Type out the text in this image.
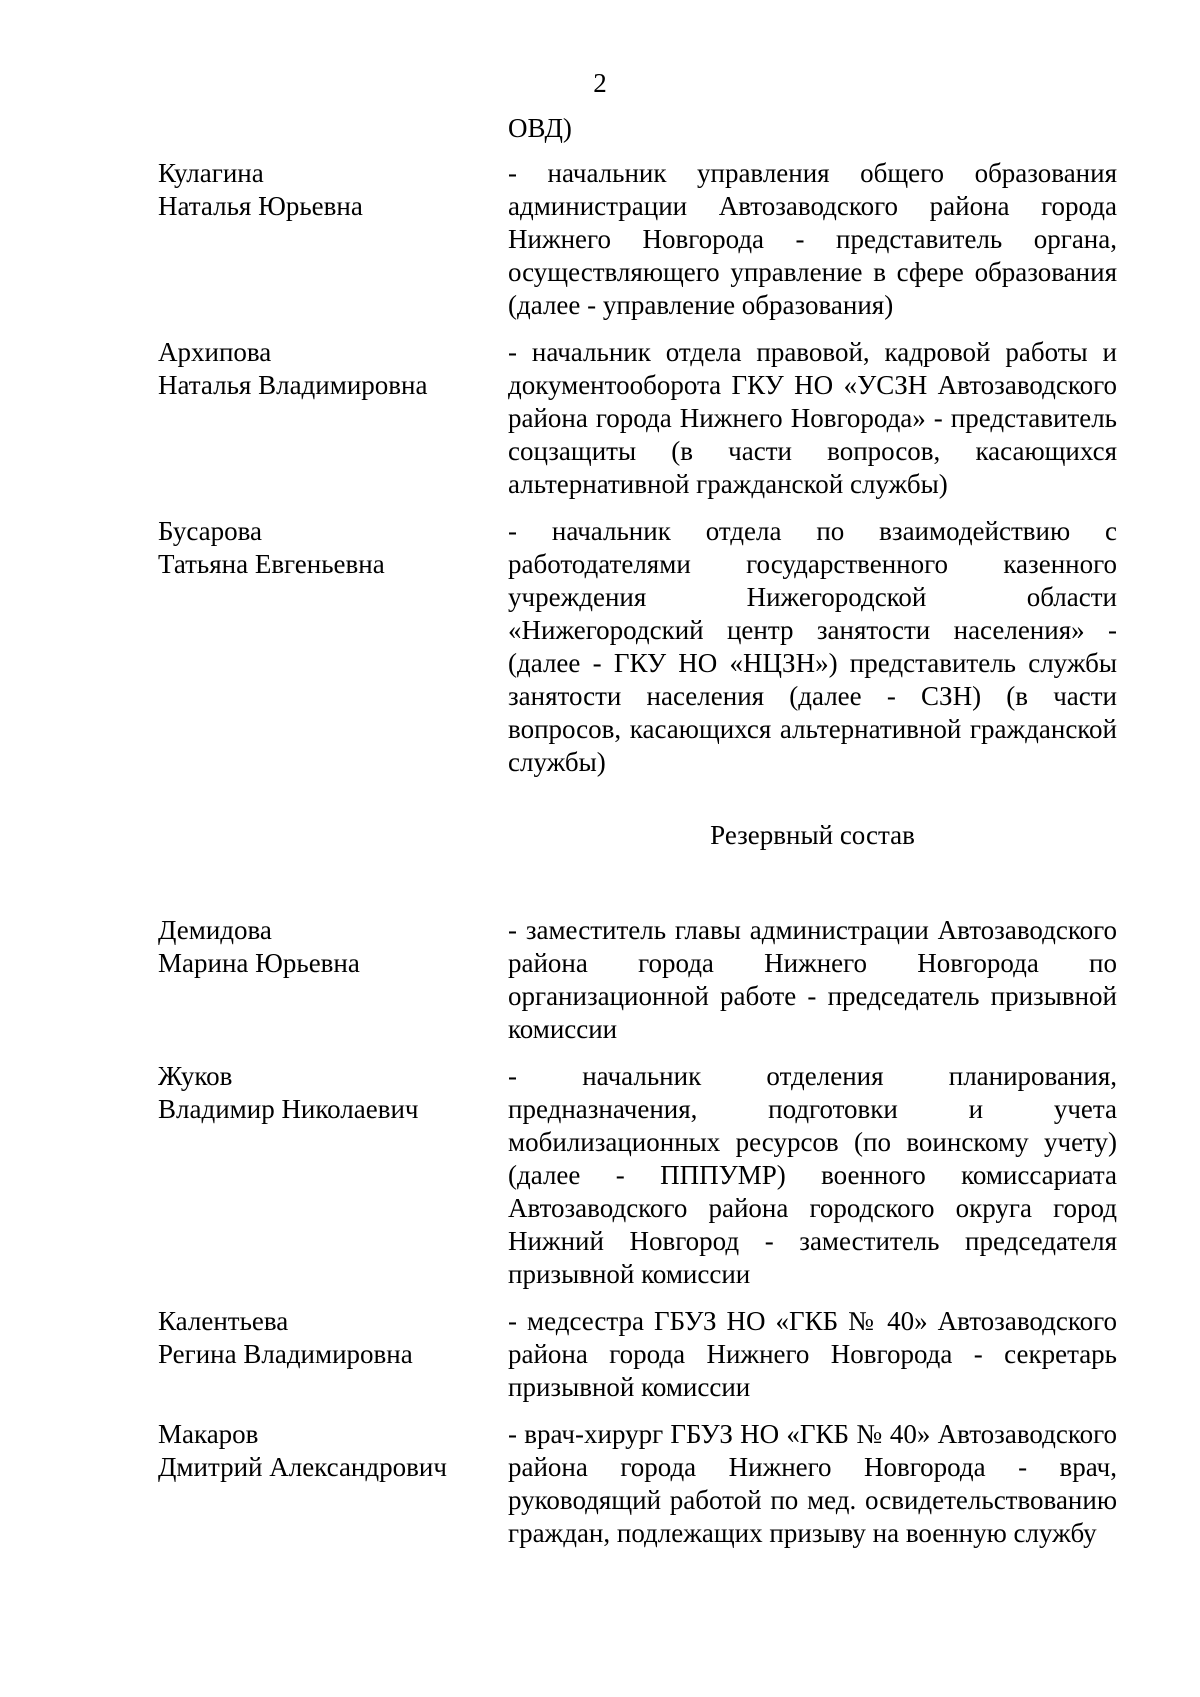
2
ОВД)
Кулагина
Наталья Юрьевна
- начальник управления общего образования администрации Автозаводского района города Нижнего Новгорода - представитель органа, осуществляющего управление в сфере образования (далее - управление образования)
Архипова
Наталья Владимировна
- начальник отдела правовой, кадровой работы и документооборота ГКУ НО «УСЗН Автозаводского района города Нижнего Новгорода» - представитель соцзащиты (в части вопросов, касающихся альтернативной гражданской службы)
Бусарова
Татьяна Евгеньевна
- начальник отдела по взаимодействию с работодателями государственного казенного учреждения Нижегородской области «Нижегородский центр занятости населения» - (далее - ГКУ НО «НЦЗН») представитель службы занятости населения (далее - СЗН) (в части вопросов, касающихся альтернативной гражданской службы)
Резервный состав
Демидова
Марина Юрьевна
- заместитель главы администрации Автозаводского района города Нижнего Новгорода по организационной работе - председатель призывной комиссии
Жуков
Владимир Николаевич
- начальник отделения планирования, предназначения, подготовки и учета мобилизационных ресурсов (по воинскому учету) (далее - ПППУМР) военного комиссариата Автозаводского района городского округа город Нижний Новгород - заместитель председателя призывной комиссии
Калентьева
Регина Владимировна
- медсестра ГБУЗ НО «ГКБ № 40» Автозаводского района города Нижнего Новгорода - секретарь призывной комиссии
Макаров
Дмитрий Александрович
- врач-хирург ГБУЗ НО «ГКБ № 40» Автозаводского района города Нижнего Новгорода - врач, руководящий работой по мед. освидетельствованию граждан, подлежащих призыву на военную службу
